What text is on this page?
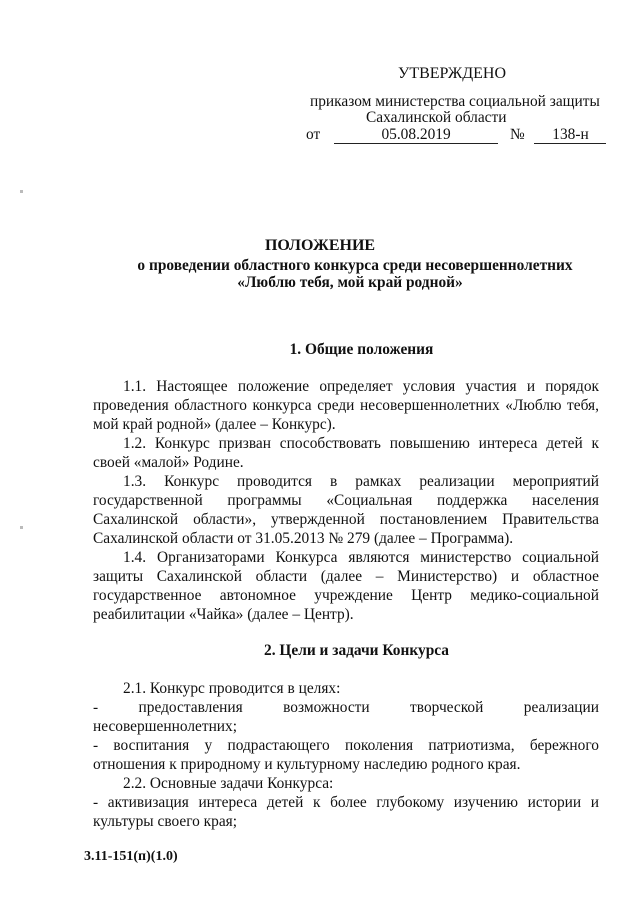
УТВЕРЖДЕНО
приказом министерства социальной защиты
Сахалинской области
от	05.08.2019	№ 138-н
ПОЛОЖЕНИЕ
о проведении областного конкурса среди несовершеннолетних
«Люблю тебя, мой край родной»
1. Общие положения

1.1. Настоящее положение определяет условия участия и порядок проведения областного конкурса среди несовершеннолетних «Люблю тебя, мой край родной» (далее – Конкурс).

1.2. Конкурс призван способствовать повышению интереса детей к своей «малой» Родине.

1.3. Конкурс проводится в рамках реализации мероприятий государственной программы «Социальная поддержка населения Сахалинской области», утвержденной постановлением Правительства Сахалинской области от 31.05.2013 № 279 (далее – Программа).

1.4. Организаторами Конкурса являются министерство социальной защиты Сахалинской области (далее – Министерство) и областное государственное автономное учреждение Центр медико-социальной реабилитации «Чайка» (далее – Центр).

2. Цели и задачи Конкурса

2.1. Конкурс проводится в целях:

- предоставления возможности творческой реализации несовершеннолетних;

- воспитания у подрастающего поколения патриотизма, бережного отношения к природному и культурному наследию родного края.

2.2. Основные задачи Конкурса:

- активизация интереса детей к более глубокому изучению истории и культуры своего края;

3.11-151(п)(1.0)
